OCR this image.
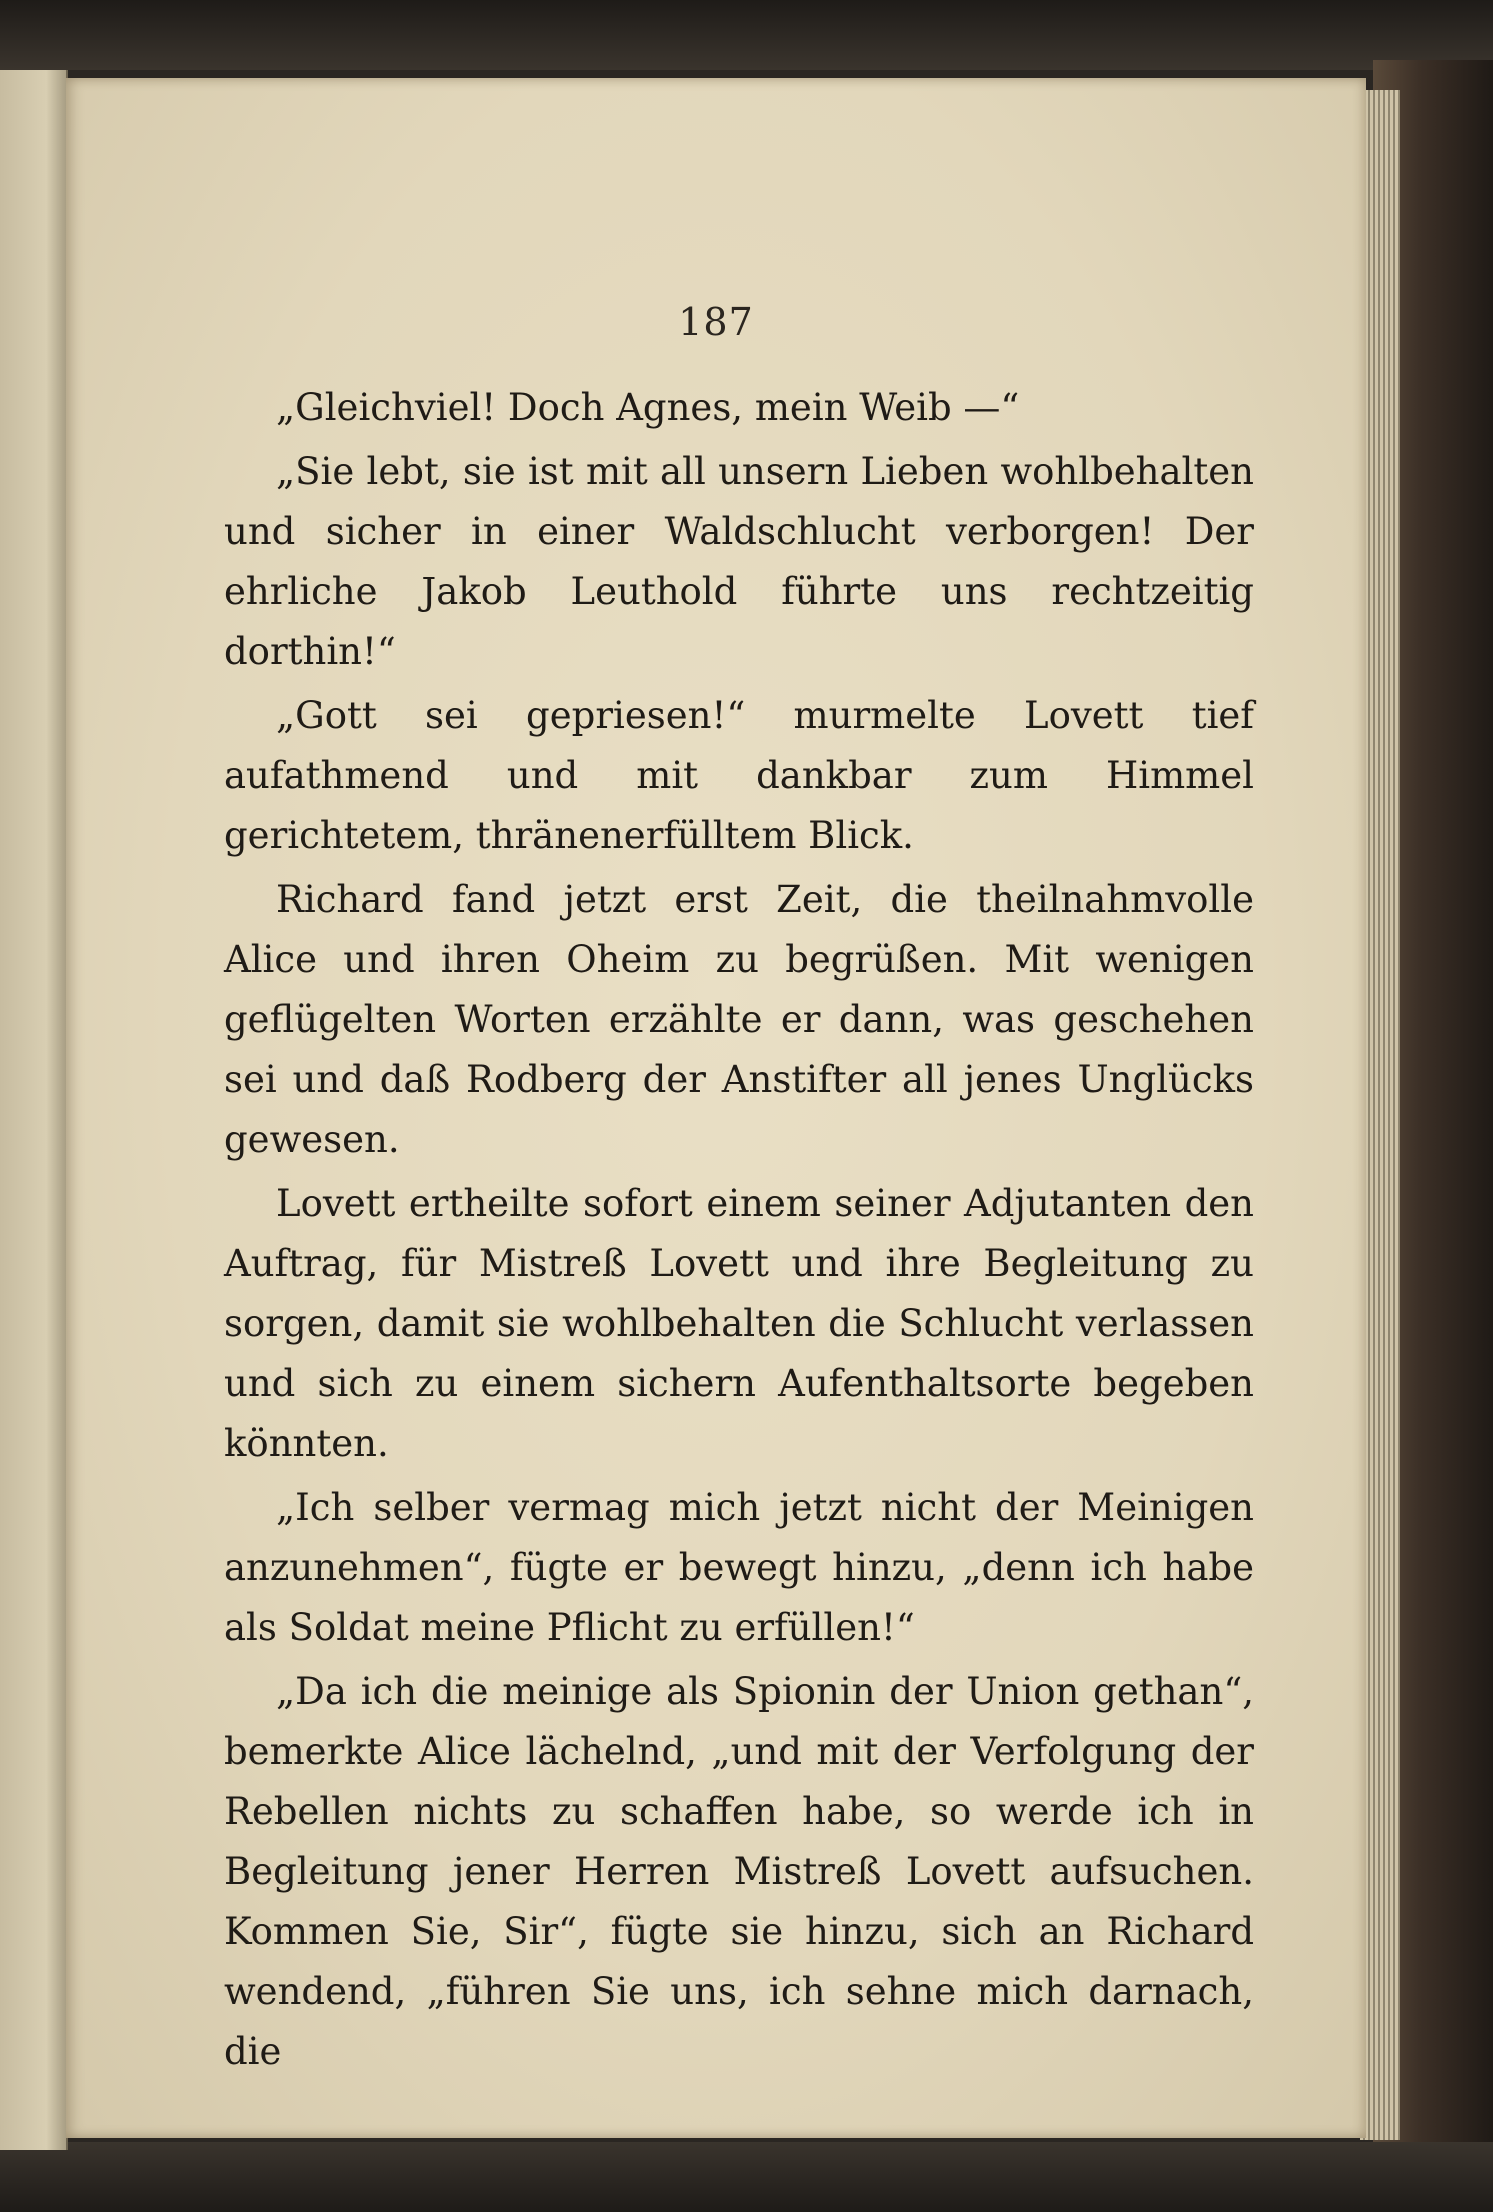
187

„Gleichviel! Doch Agnes, mein Weib —“

„Sie lebt, sie ist mit all unsern Lieben wohlbehalten und sicher in einer Waldschlucht verborgen! Der ehrliche Jakob Leuthold führte uns rechtzeitig dorthin!“

„Gott sei gepriesen!“ murmelte Lovett tief aufathmend und mit dankbar zum Himmel gerichtetem, thränenerfülltem Blick.

Richard fand jetzt erst Zeit, die theilnahmvolle Alice und ihren Oheim zu begrüßen. Mit wenigen geflügelten Worten erzählte er dann, was geschehen sei und daß Rodberg der Anstifter all jenes Unglücks gewesen.

Lovett ertheilte sofort einem seiner Adjutanten den Auftrag, für Mistreß Lovett und ihre Begleitung zu sorgen, damit sie wohlbehalten die Schlucht verlassen und sich zu einem sichern Aufenthaltsorte begeben könnten.

„Ich selber vermag mich jetzt nicht der Meinigen anzunehmen“, fügte er bewegt hinzu, „denn ich habe als Soldat meine Pflicht zu erfüllen!“

„Da ich die meinige als Spionin der Union gethan“, bemerkte Alice lächelnd, „und mit der Verfolgung der Rebellen nichts zu schaffen habe, so werde ich in Begleitung jener Herren Mistreß Lovett aufsuchen. Kommen Sie, Sir“, fügte sie hinzu, sich an Richard wendend, „führen Sie uns, ich sehne mich darnach, die
